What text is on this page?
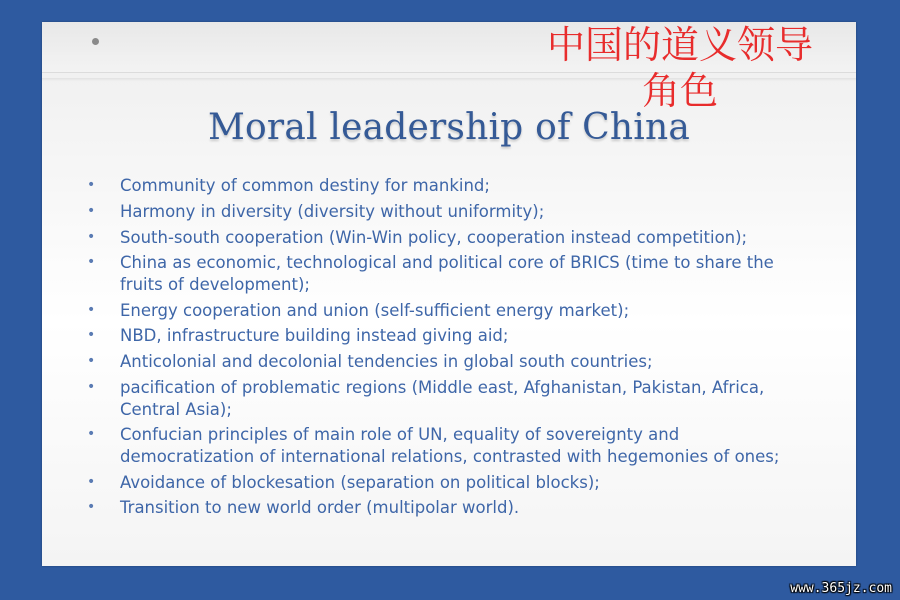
Moral leadership of China
• Community of common destiny for mankind;
• Harmony in diversity (diversity without uniformity);
• South-south cooperation (Win-Win policy, cooperation instead competition);
• China as economic, technological and political core of BRICS (time to share the fruits of development);
• Energy cooperation and union (self-sufficient energy market);
• NBD, infrastructure building instead giving aid;
• Anticolonial and decolonial tendencies in global south countries;
• pacification of problematic regions (Middle east, Afghanistan, Pakistan, Africa, Central Asia);
• Confucian principles of main role of UN, equality of sovereignty and democratization of international relations, contrasted with hegemonies of ones;
• Avoidance of blockesation (separation on political blocks);
• Transition to new world order (multipolar world).
中国的道义领导
角色
www.365jz.com
